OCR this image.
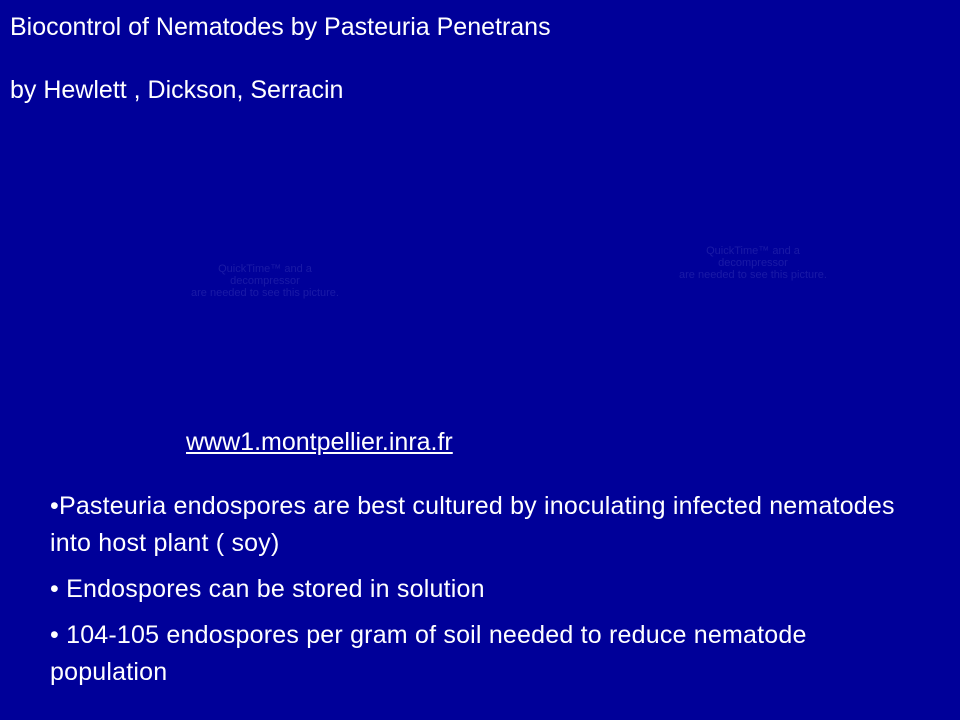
Biocontrol of Nematodes by Pasteuria Penetrans
by Hewlett , Dickson, Serracin
QuickTime™ and a
decompressor
are needed to see this picture.
QuickTime™ and a
decompressor
are needed to see this picture.
www1.montpellier.inra.fr
•Pasteuria endospores are best cultured by inoculating infected nematodes into host plant ( soy)
• Endospores can be stored in solution
• 104-105 endospores per gram of soil needed to reduce nematode population
